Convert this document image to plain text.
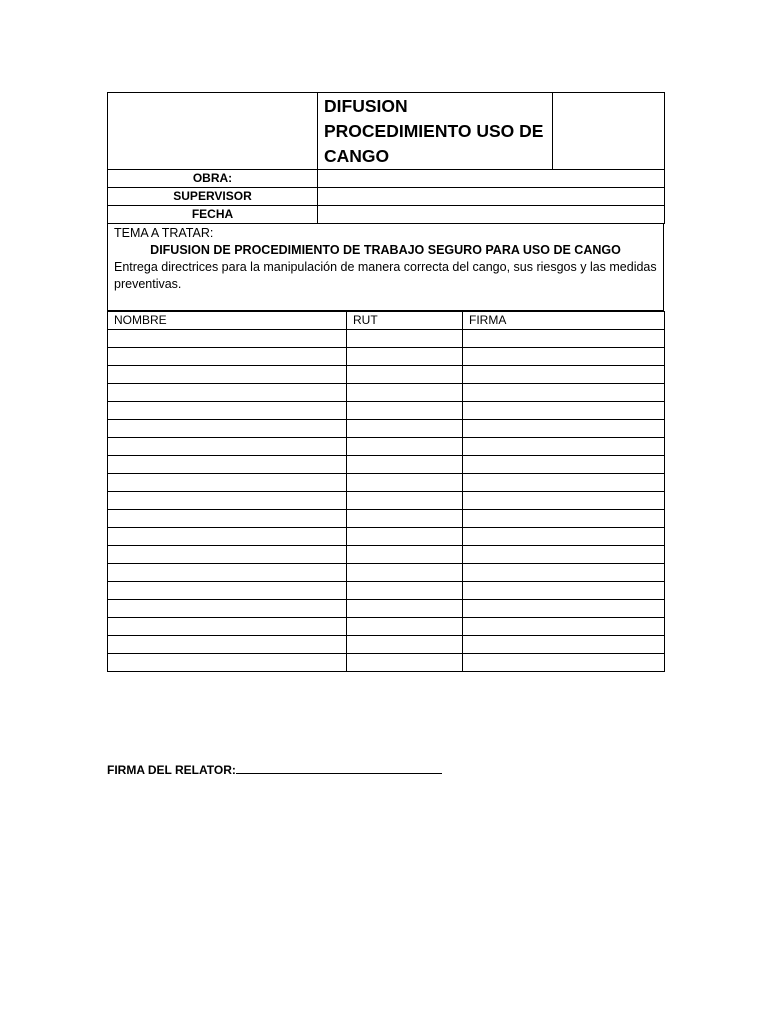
DIFUSION PROCEDIMIENTO USO DE CANGO

OBRA:	
SUPERVISOR	
FECHA	
TEMA A TRATAR:
DIFUSION DE PROCEDIMIENTO DE TRABAJO SEGURO PARA USO DE CANGO
Entrega directrices para la manipulación de manera correcta del cango, sus riesgos y las medidas preventivas.
NOMBRE	RUT	FIRMA

FIRMA DEL RELATOR:
